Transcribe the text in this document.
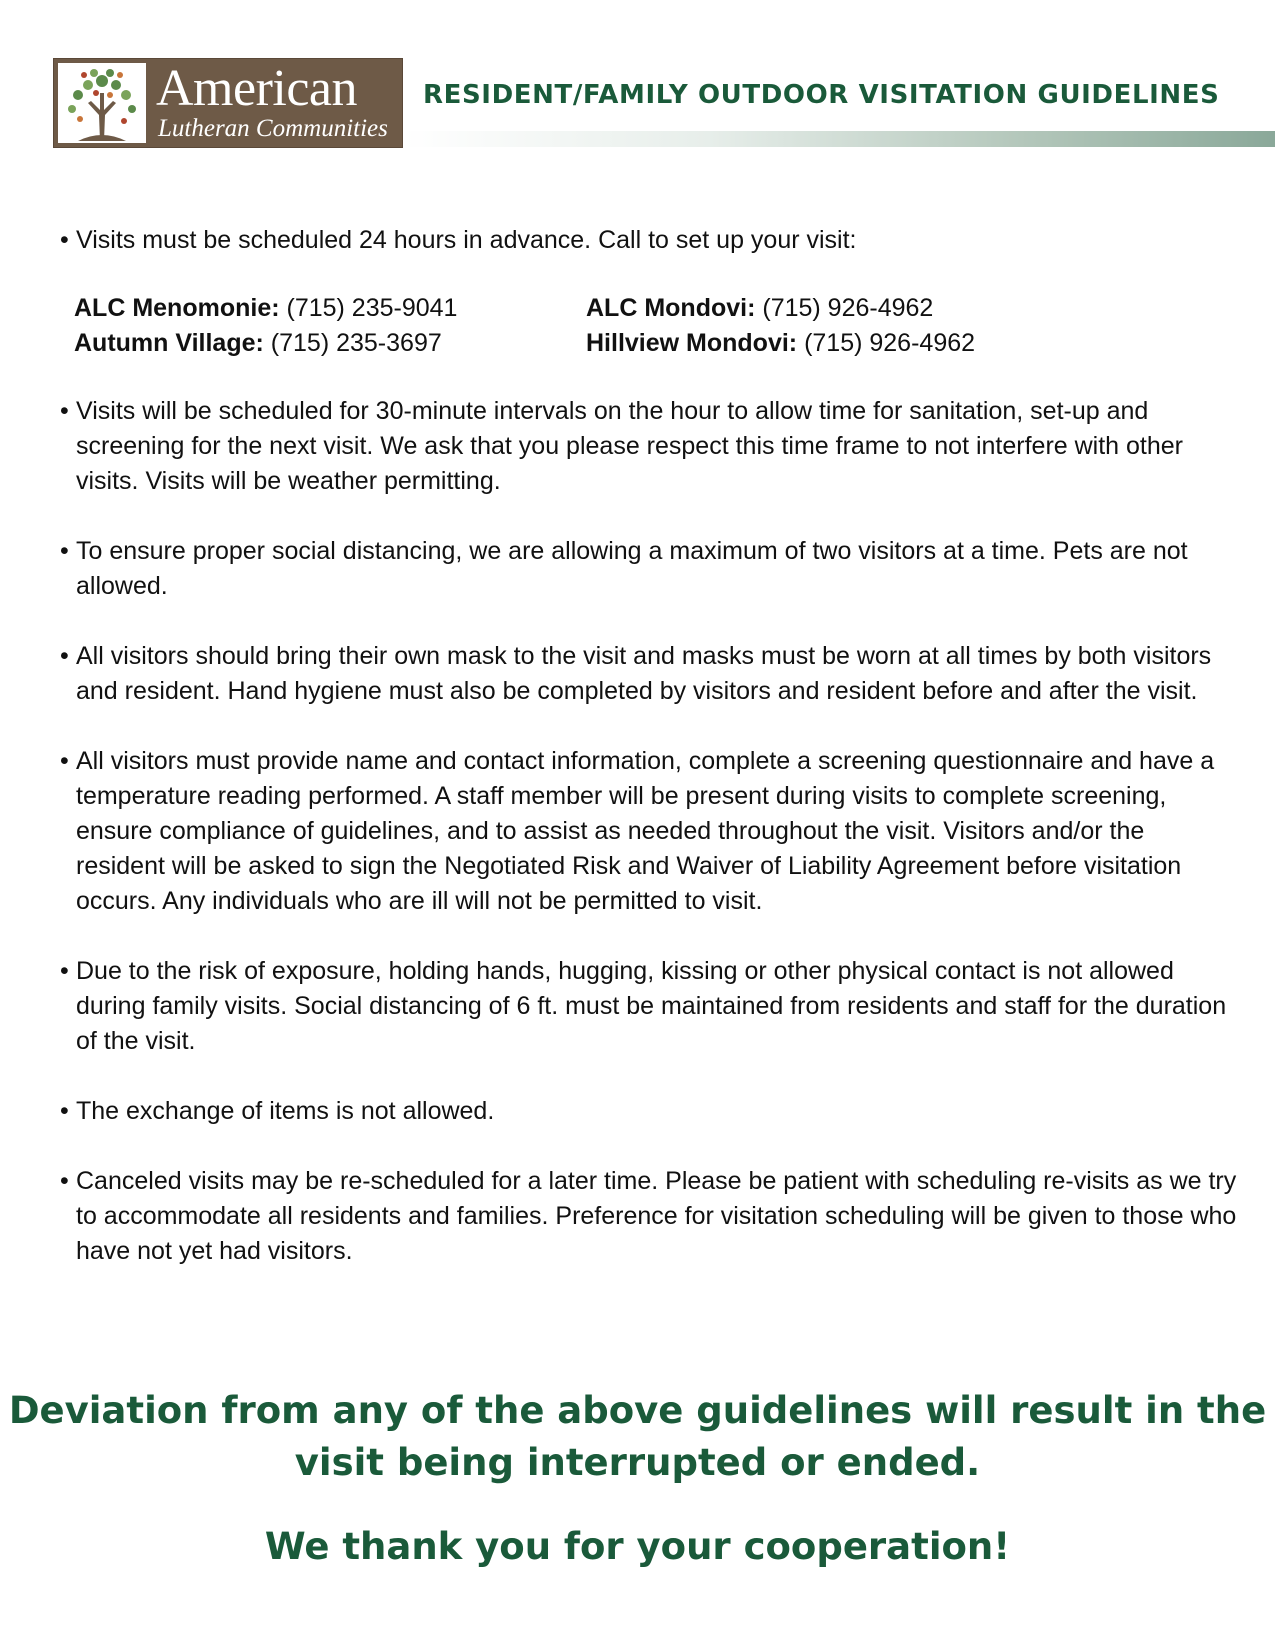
American
Lutheran Communities
RESIDENT/FAMILY OUTDOOR VISITATION GUIDELINES

• Visits must be scheduled 24 hours in advance. Call to set up your visit:

ALC Menomonie: (715) 235-9041	ALC Mondovi: (715) 926-4962
Autumn Village: (715) 235-3697	Hillview Mondovi: (715) 926-4962

• Visits will be scheduled for 30-minute intervals on the hour to allow time for sanitation, set-up and screening for the next visit. We ask that you please respect this time frame to not interfere with other visits. Visits will be weather permitting.

• To ensure proper social distancing, we are allowing a maximum of two visitors at a time. Pets are not allowed.

• All visitors should bring their own mask to the visit and masks must be worn at all times by both visitors and resident. Hand hygiene must also be completed by visitors and resident before and after the visit.

• All visitors must provide name and contact information, complete a screening questionnaire and have a temperature reading performed. A staff member will be present during visits to complete screening, ensure compliance of guidelines, and to assist as needed throughout the visit. Visitors and/or the resident will be asked to sign the Negotiated Risk and Waiver of Liability Agreement before visitation occurs. Any individuals who are ill will not be permitted to visit.

• Due to the risk of exposure, holding hands, hugging, kissing or other physical contact is not allowed during family visits. Social distancing of 6 ft. must be maintained from residents and staff for the duration of the visit.

• The exchange of items is not allowed.

• Canceled visits may be re-scheduled for a later time. Please be patient with scheduling re-visits as we try to accommodate all residents and families. Preference for visitation scheduling will be given to those who have not yet had visitors.

Deviation from any of the above guidelines will result in the visit being interrupted or ended.
We thank you for your cooperation!
